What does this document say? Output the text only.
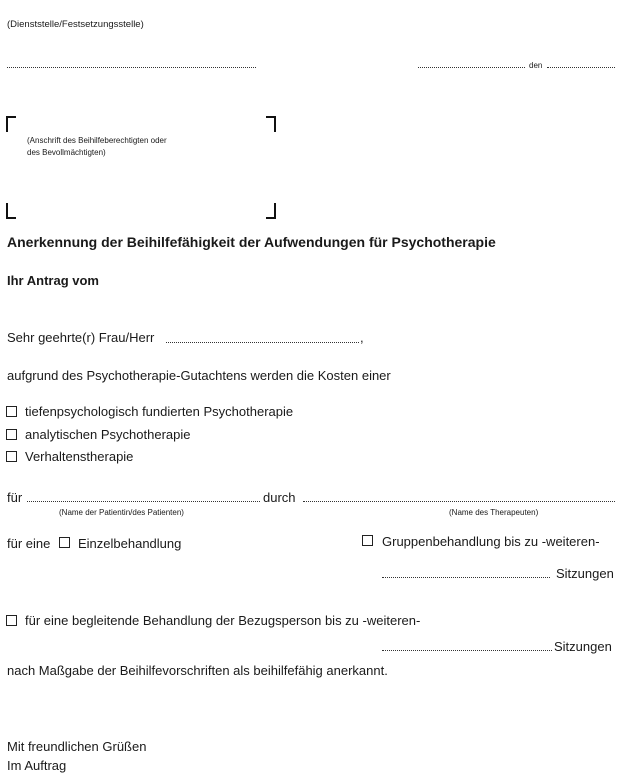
(Dienststelle/Festsetzungsstelle)
den
(Anschrift des Beihilfeberechtigten oder
des Bevollmächtigten)
Anerkennung der Beihilfefähigkeit der Aufwendungen für Psychotherapie
Ihr Antrag vom
Sehr geehrte(r) Frau/Herr	,
aufgrund des Psychotherapie-Gutachtens werden die Kosten einer
tiefenpsychologisch fundierten Psychotherapie
analytischen Psychotherapie
Verhaltenstherapie
für	durch
(Name der Patientin/des Patienten)	(Name des Therapeuten)
für eine Einzelbehandlung	Gruppenbehandlung bis zu -weiteren-
Sitzungen
für eine begleitende Behandlung der Bezugsperson bis zu -weiteren-
Sitzungen
nach Maßgabe der Beihilfevorschriften als beihilfefähig anerkannt.
Mit freundlichen Grüßen
Im Auftrag
